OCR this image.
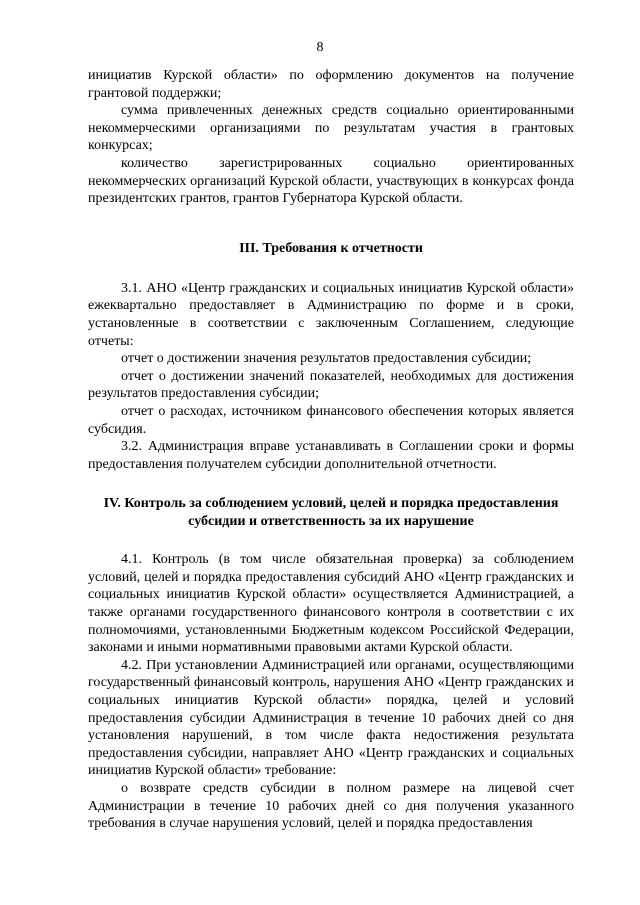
8

инициатив Курской области» по оформлению документов на получение грантовой поддержки;

сумма привлеченных денежных средств социально ориентированными некоммерческими организациями по результатам участия в грантовых конкурсах;

количество зарегистрированных социально ориентированных некоммерческих организаций Курской области, участвующих в конкурсах фонда президентских грантов, грантов Губернатора Курской области.

III. Требования к отчетности

3.1. АНО «Центр гражданских и социальных инициатив Курской области» ежеквартально предоставляет в Администрацию по форме и в сроки, установленные в соответствии с заключенным Соглашением, следующие отчеты:

отчет о достижении значения результатов предоставления субсидии;

отчет о достижении значений показателей, необходимых для достижения результатов предоставления субсидии;

отчет о расходах, источником финансового обеспечения которых является субсидия.

3.2. Администрация вправе устанавливать в Соглашении сроки и формы предоставления получателем субсидии дополнительной отчетности.

IV. Контроль за соблюдением условий, целей и порядка предоставления субсидии и ответственность за их нарушение

4.1. Контроль (в том числе обязательная проверка) за соблюдением условий, целей и порядка предоставления субсидий АНО «Центр гражданских и социальных инициатив Курской области» осуществляется Администрацией, а также органами государственного финансового контроля в соответствии с их полномочиями, установленными Бюджетным кодексом Российской Федерации, законами и иными нормативными правовыми актами Курской области.

4.2. При установлении Администрацией или органами, осуществляющими государственный финансовый контроль, нарушения АНО «Центр гражданских и социальных инициатив Курской области» порядка, целей и условий предоставления субсидии Администрация в течение 10 рабочих дней со дня установления нарушений, в том числе факта недостижения результата предоставления субсидии, направляет АНО «Центр гражданских и социальных инициатив Курской области» требование:

о возврате средств субсидии в полном размере на лицевой счет Администрации в течение 10 рабочих дней со дня получения указанного требования в случае нарушения условий, целей и порядка предоставления
